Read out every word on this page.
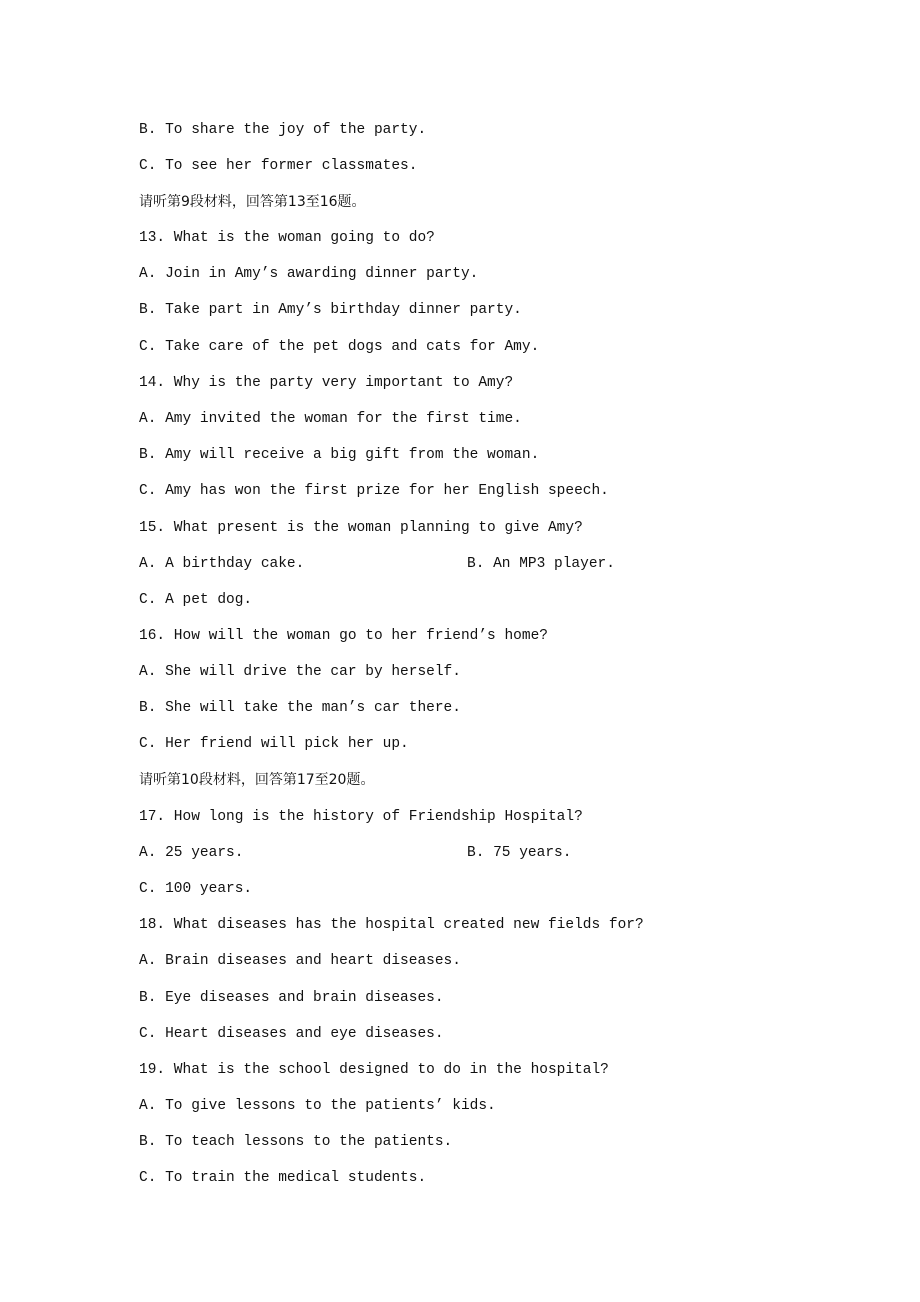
B. To share the joy of the party.
C. To see her former classmates.
请听第9段材料，回答第13至16题。
13. What is the woman going to do?
A. Join in Amy’s awarding dinner party.
B. Take part in Amy’s birthday dinner party.
C. Take care of the pet dogs and cats for Amy.
14. Why is the party very important to Amy?
A. Amy invited the woman for the first time.
B. Amy will receive a big gift from the woman.
C. Amy has won the first prize for her English speech.
15. What present is the woman planning to give Amy?
A. A birthday cake.	B. An MP3 player.
C. A pet dog.
16. How will the woman go to her friend’s home?
A. She will drive the car by herself.
B. She will take the man’s car there.
C. Her friend will pick her up.
请听第10段材料，回答第17至20题。
17. How long is the history of Friendship Hospital?
A. 25 years.	B. 75 years.
C. 100 years.
18. What diseases has the hospital created new fields for?
A. Brain diseases and heart diseases.
B. Eye diseases and brain diseases.
C. Heart diseases and eye diseases.
19. What is the school designed to do in the hospital?
A. To give lessons to the patients’ kids.
B. To teach lessons to the patients.
C. To train the medical students.
